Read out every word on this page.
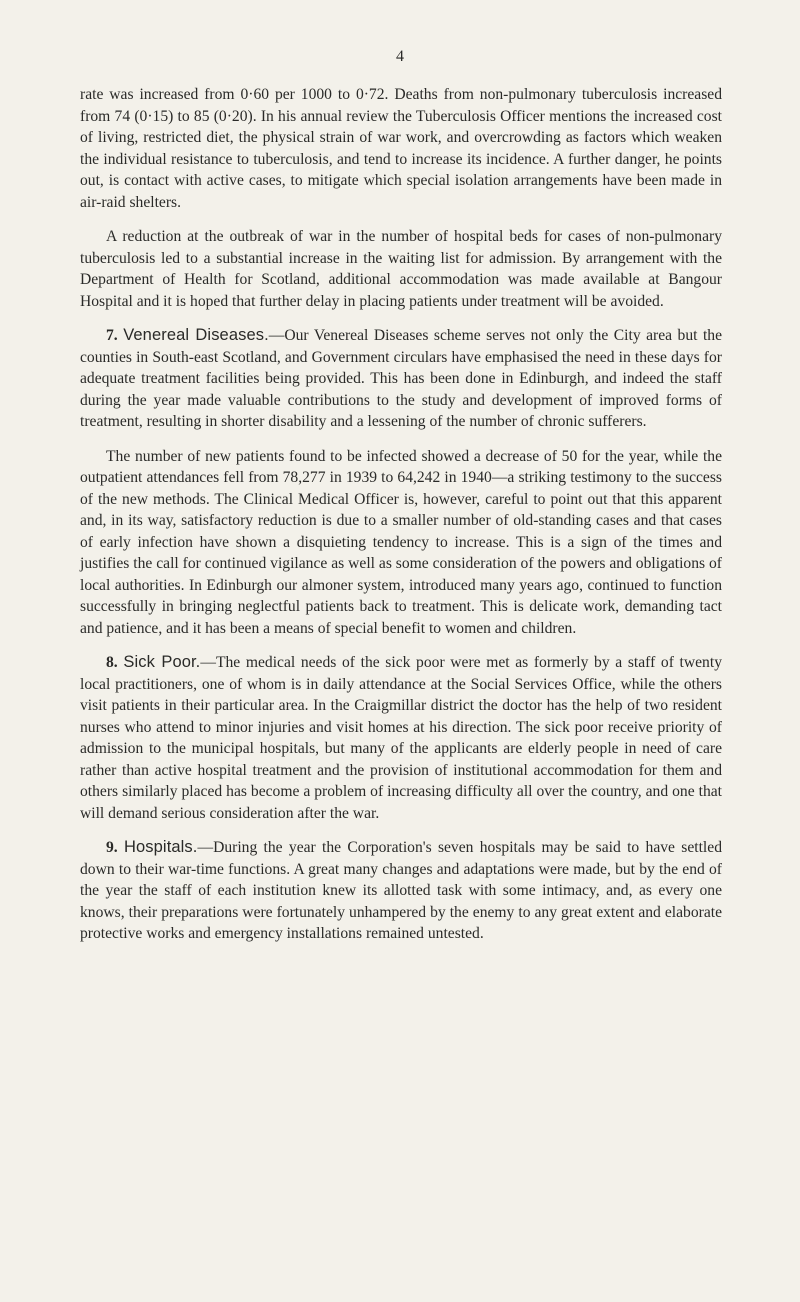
4

rate was increased from 0·60 per 1000 to 0·72. Deaths from non-pulmonary tuberculosis increased from 74 (0·15) to 85 (0·20). In his annual review the Tuberculosis Officer mentions the increased cost of living, restricted diet, the physical strain of war work, and overcrowding as factors which weaken the individual resistance to tuberculosis, and tend to increase its incidence. A further danger, he points out, is contact with active cases, to mitigate which special isolation arrangements have been made in air-raid shelters.

A reduction at the outbreak of war in the number of hospital beds for cases of non-pulmonary tuberculosis led to a substantial increase in the waiting list for admission. By arrangement with the Department of Health for Scotland, additional accommodation was made available at Bangour Hospital and it is hoped that further delay in placing patients under treatment will be avoided.

7. Venereal Diseases.—Our Venereal Diseases scheme serves not only the City area but the counties in South-east Scotland, and Government circulars have emphasised the need in these days for adequate treatment facilities being provided. This has been done in Edinburgh, and indeed the staff during the year made valuable contributions to the study and development of improved forms of treatment, resulting in shorter disability and a lessening of the number of chronic sufferers.

The number of new patients found to be infected showed a decrease of 50 for the year, while the outpatient attendances fell from 78,277 in 1939 to 64,242 in 1940—a striking testimony to the success of the new methods. The Clinical Medical Officer is, however, careful to point out that this apparent and, in its way, satisfactory reduction is due to a smaller number of old-standing cases and that cases of early infection have shown a disquieting tendency to increase. This is a sign of the times and justifies the call for continued vigilance as well as some consideration of the powers and obligations of local authorities. In Edinburgh our almoner system, introduced many years ago, continued to function successfully in bringing neglectful patients back to treatment. This is delicate work, demanding tact and patience, and it has been a means of special benefit to women and children.

8. Sick Poor.—The medical needs of the sick poor were met as formerly by a staff of twenty local practitioners, one of whom is in daily attendance at the Social Services Office, while the others visit patients in their particular area. In the Craigmillar district the doctor has the help of two resident nurses who attend to minor injuries and visit homes at his direction. The sick poor receive priority of admission to the municipal hospitals, but many of the applicants are elderly people in need of care rather than active hospital treatment and the provision of institutional accommodation for them and others similarly placed has become a problem of increasing difficulty all over the country, and one that will demand serious consideration after the war.

9. Hospitals.—During the year the Corporation's seven hospitals may be said to have settled down to their war-time functions. A great many changes and adaptations were made, but by the end of the year the staff of each institution knew its allotted task with some intimacy, and, as every one knows, their preparations were fortunately unhampered by the enemy to any great extent and elaborate protective works and emergency installations remained untested.
